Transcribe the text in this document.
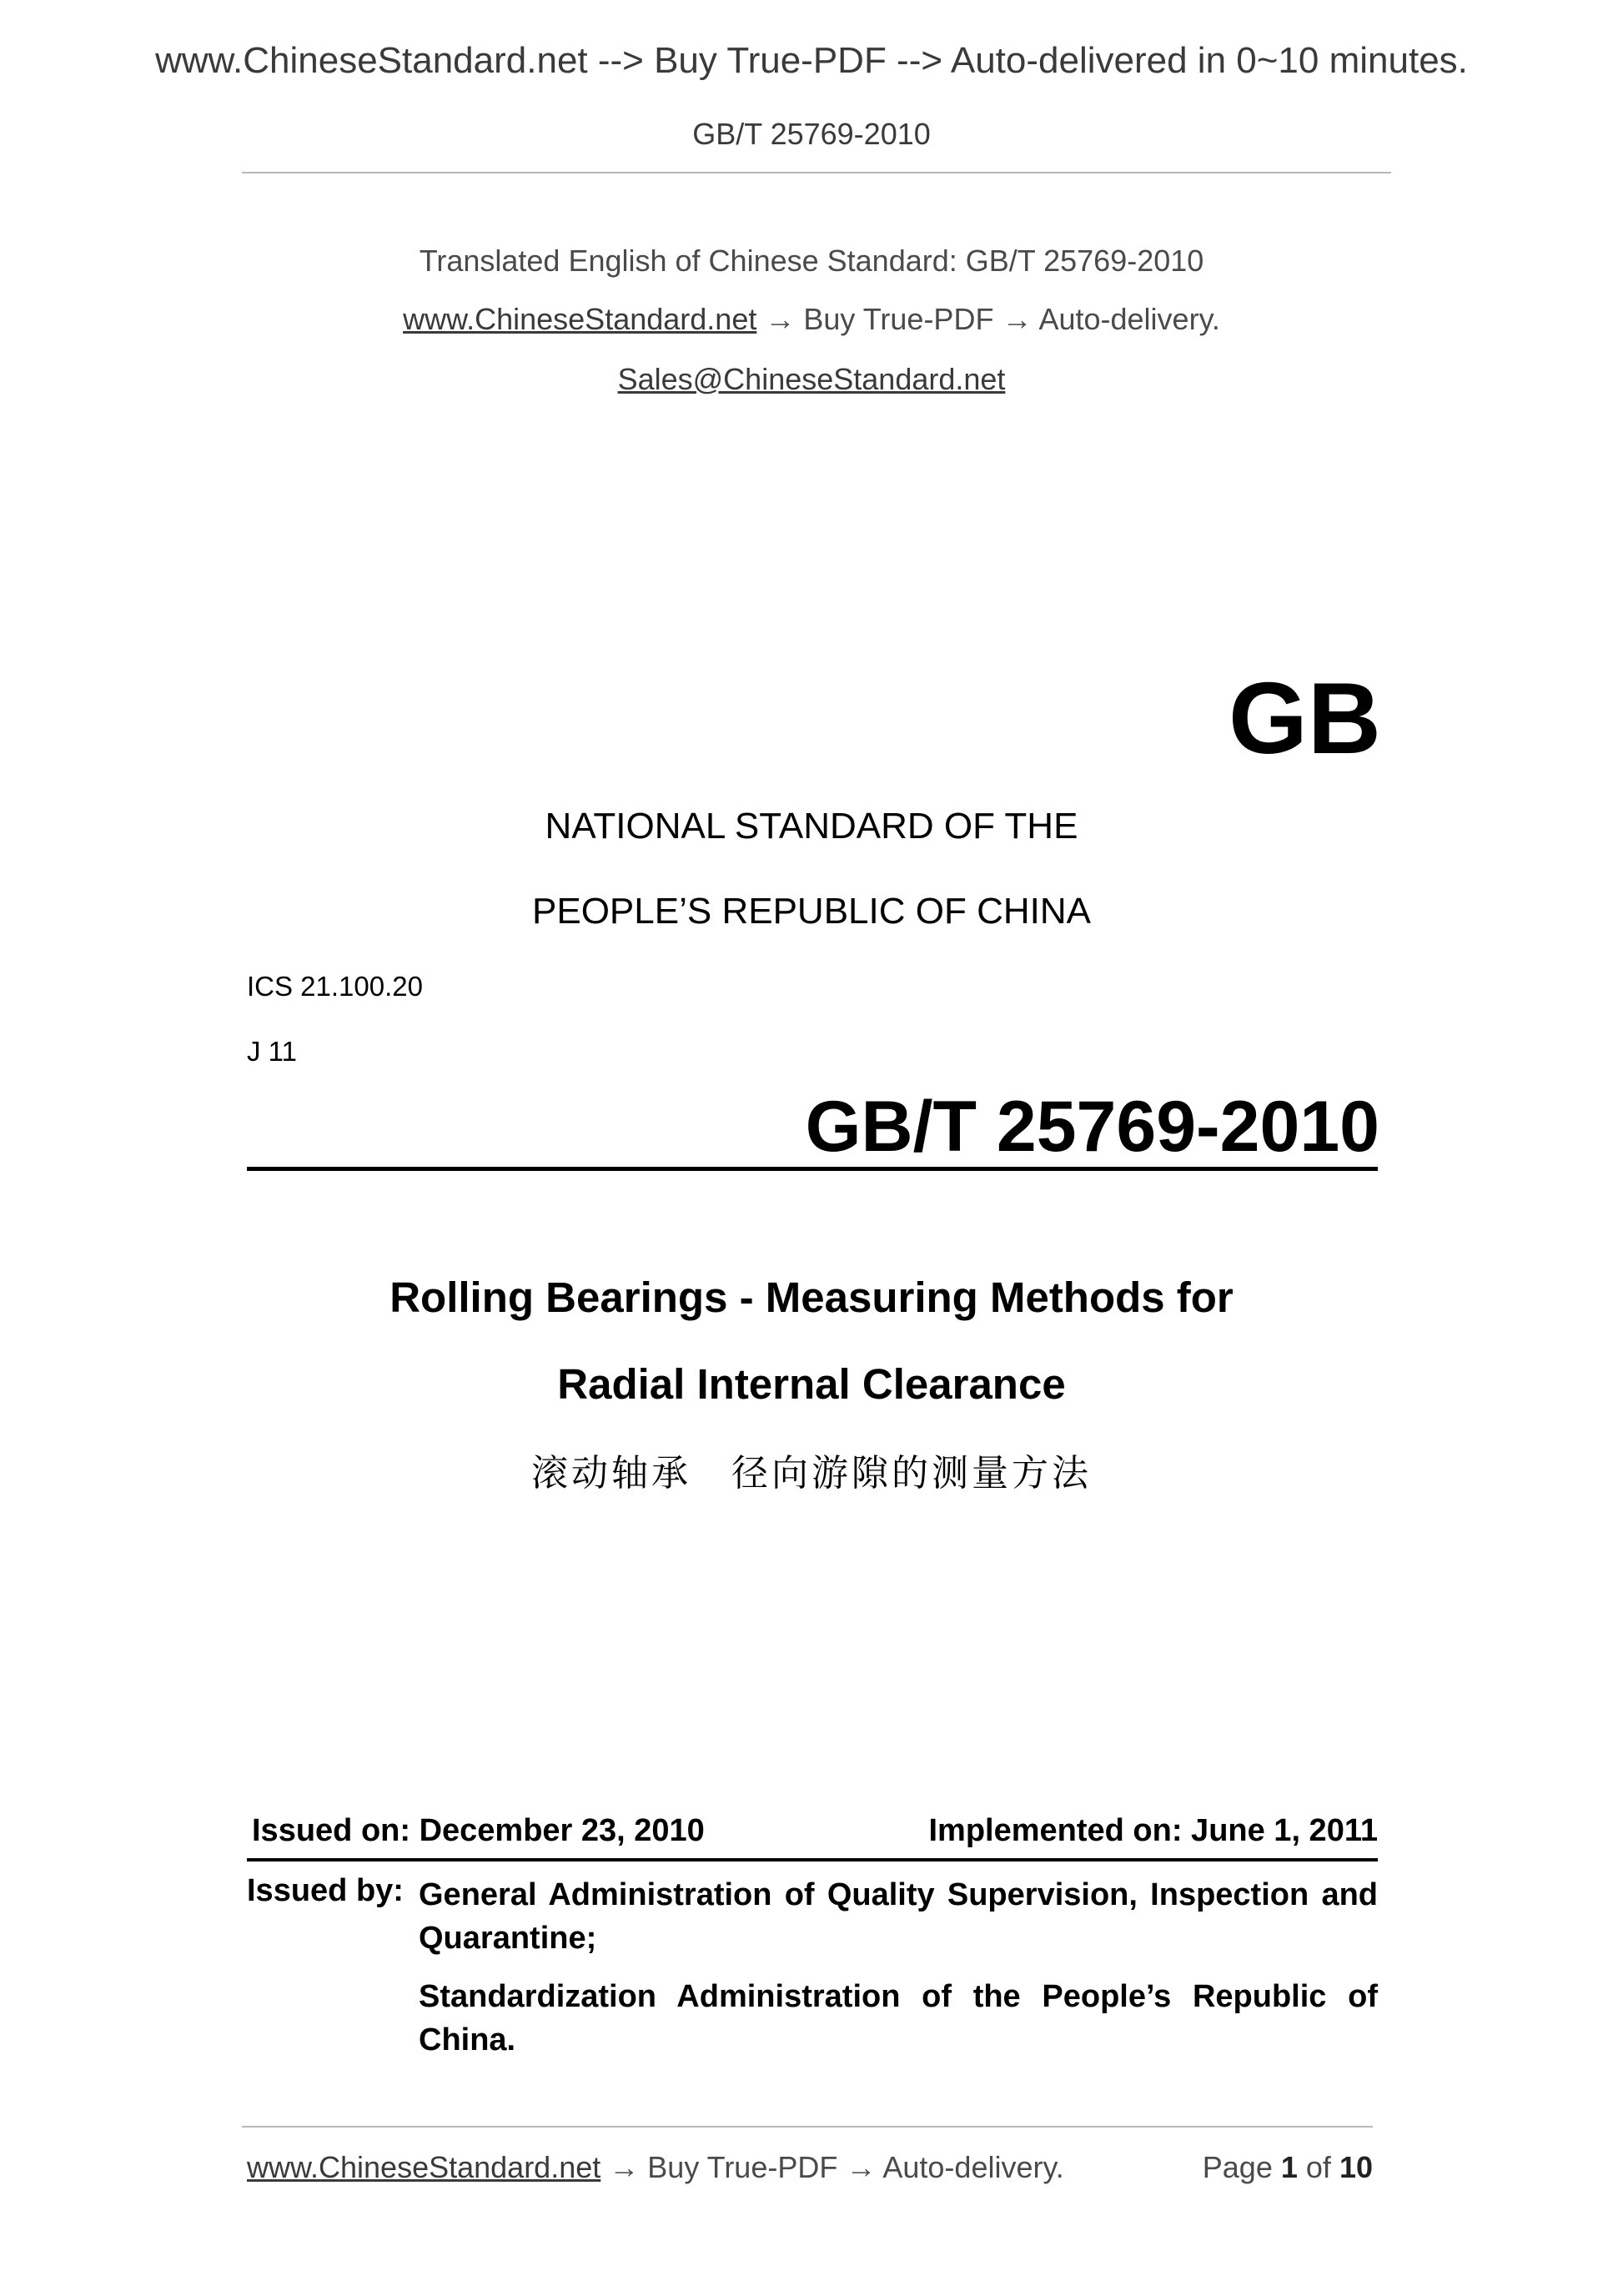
www.ChineseStandard.net --> Buy True-PDF --> Auto-delivered in 0~10 minutes.
GB/T 25769-2010
Translated English of Chinese Standard: GB/T 25769-2010
www.ChineseStandard.net → Buy True-PDF → Auto-delivery.
Sales@ChineseStandard.net
GB
NATIONAL STANDARD OF THE
PEOPLE’S REPUBLIC OF CHINA
ICS 21.100.20
J 11
GB/T 25769-2010
Rolling Bearings - Measuring Methods for
Radial Internal Clearance
滚动轴承　径向游隙的测量方法
Issued on: December 23, 2010	Implemented on: June 1, 2011
Issued by: General Administration of Quality Supervision, Inspection and Quarantine;
Standardization Administration of the People’s Republic of China.
www.ChineseStandard.net → Buy True-PDF → Auto-delivery.	Page 1 of 10
